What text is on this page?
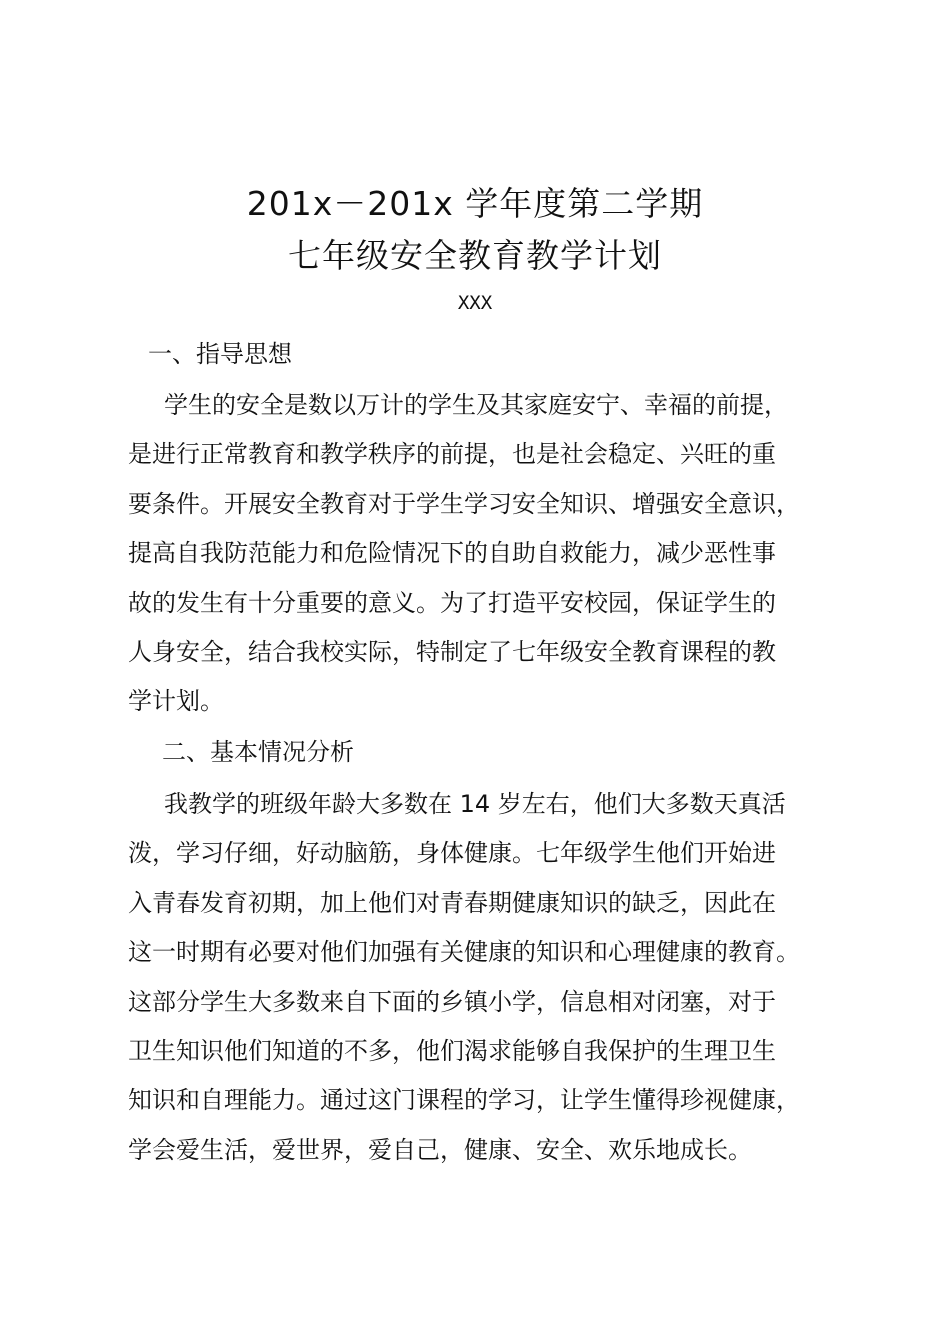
201x－201x 学年度第二学期
七年级安全教育教学计划
XXX
一、指导思想
学生的安全是数以万计的学生及其家庭安宁、幸福的前提，
是进行正常教育和教学秩序的前提，也是社会稳定、兴旺的重
要条件。开展安全教育对于学生学习安全知识、增强安全意识，
提高自我防范能力和危险情况下的自助自救能力，减少恶性事
故的发生有十分重要的意义。为了打造平安校园，保证学生的
人身安全，结合我校实际，特制定了七年级安全教育课程的教
学计划。
二、基本情况分析
我教学的班级年龄大多数在 14 岁左右，他们大多数天真活
泼，学习仔细，好动脑筋，身体健康。七年级学生他们开始进
入青春发育初期，加上他们对青春期健康知识的缺乏，因此在
这一时期有必要对他们加强有关健康的知识和心理健康的教育。
这部分学生大多数来自下面的乡镇小学，信息相对闭塞，对于
卫生知识他们知道的不多，他们渴求能够自我保护的生理卫生
知识和自理能力。通过这门课程的学习，让学生懂得珍视健康，
学会爱生活，爱世界，爱自己，健康、安全、欢乐地成长。
